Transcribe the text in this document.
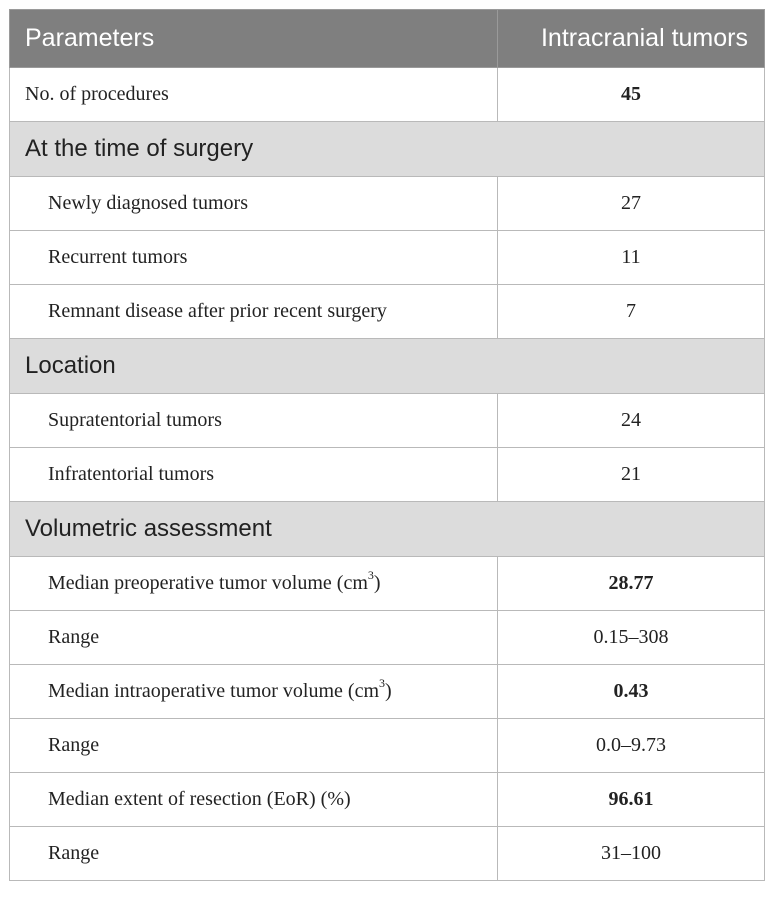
Parameters	Intracranial tumors
No. of procedures	45
At the time of surgery	
Newly diagnosed tumors	27
Recurrent tumors	11
Remnant disease after prior recent surgery	7
Location	
Supratentorial tumors	24
Infratentorial tumors	21
Volumetric assessment	
Median preoperative tumor volume $(cm^3)$	28.77
Range	0.15–308
Median intraoperative tumor volume $(cm^3)$	0.43
Range	0.0–9.73
Median extent of resection (EoR) (%)	96.61
Range	31–100
